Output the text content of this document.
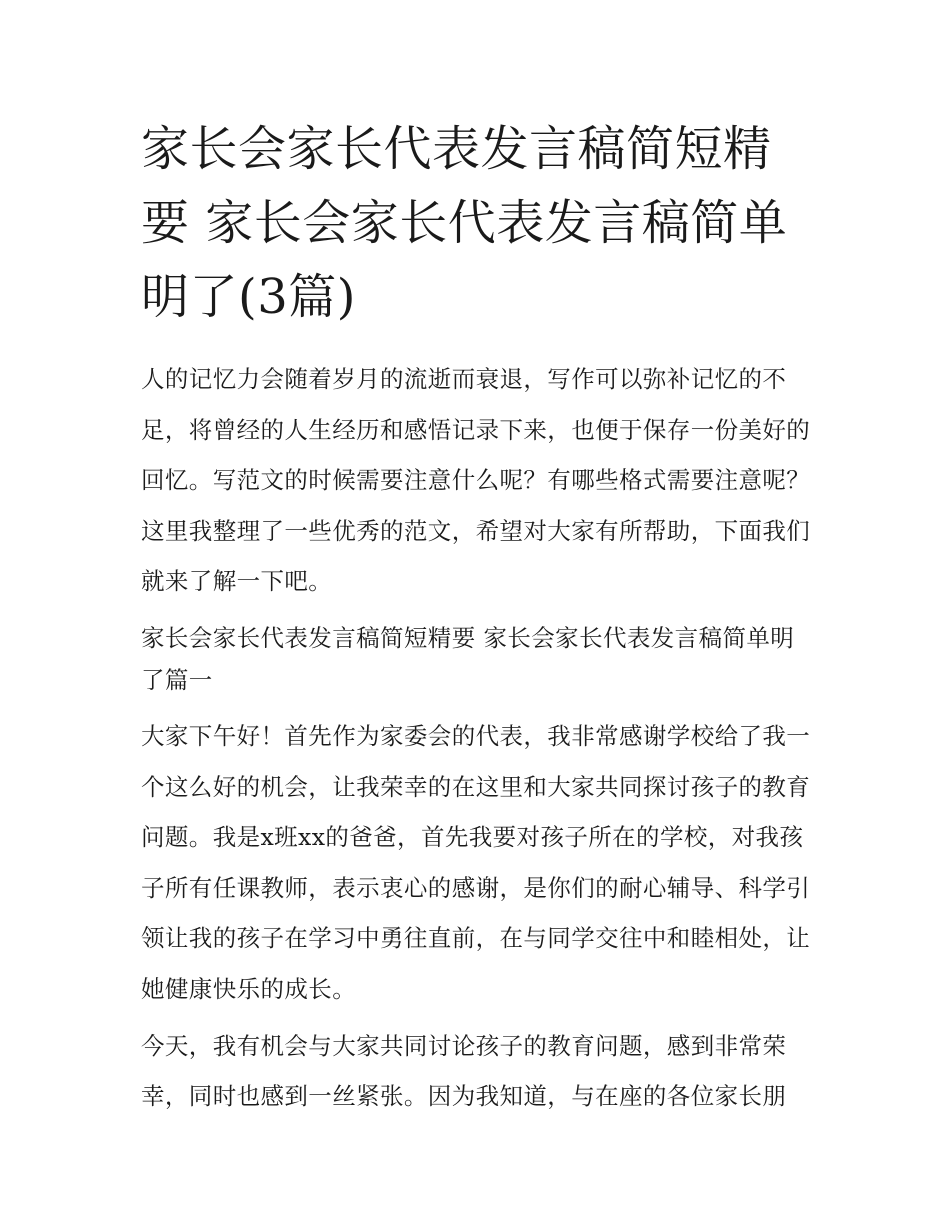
家长会家长代表发言稿简短精要 家长会家长代表发言稿简单明了(3篇)

人的记忆力会随着岁月的流逝而衰退，写作可以弥补记忆的不足，将曾经的人生经历和感悟记录下来，也便于保存一份美好的回忆。写范文的时候需要注意什么呢？有哪些格式需要注意呢？这里我整理了一些优秀的范文，希望对大家有所帮助，下面我们就来了解一下吧。

家长会家长代表发言稿简短精要 家长会家长代表发言稿简单明了篇一

大家下午好！首先作为家委会的代表，我非常感谢学校给了我一个这么好的机会，让我荣幸的在这里和大家共同探讨孩子的教育问题。我是x班xx的爸爸，首先我要对孩子所在的学校，对我孩子所有任课教师，表示衷心的感谢，是你们的耐心辅导、科学引领让我的孩子在学习中勇往直前，在与同学交往中和睦相处，让她健康快乐的成长。

今天，我有机会与大家共同讨论孩子的教育问题，感到非常荣幸，同时也感到一丝紧张。因为我知道，与在座的各位家长朋
